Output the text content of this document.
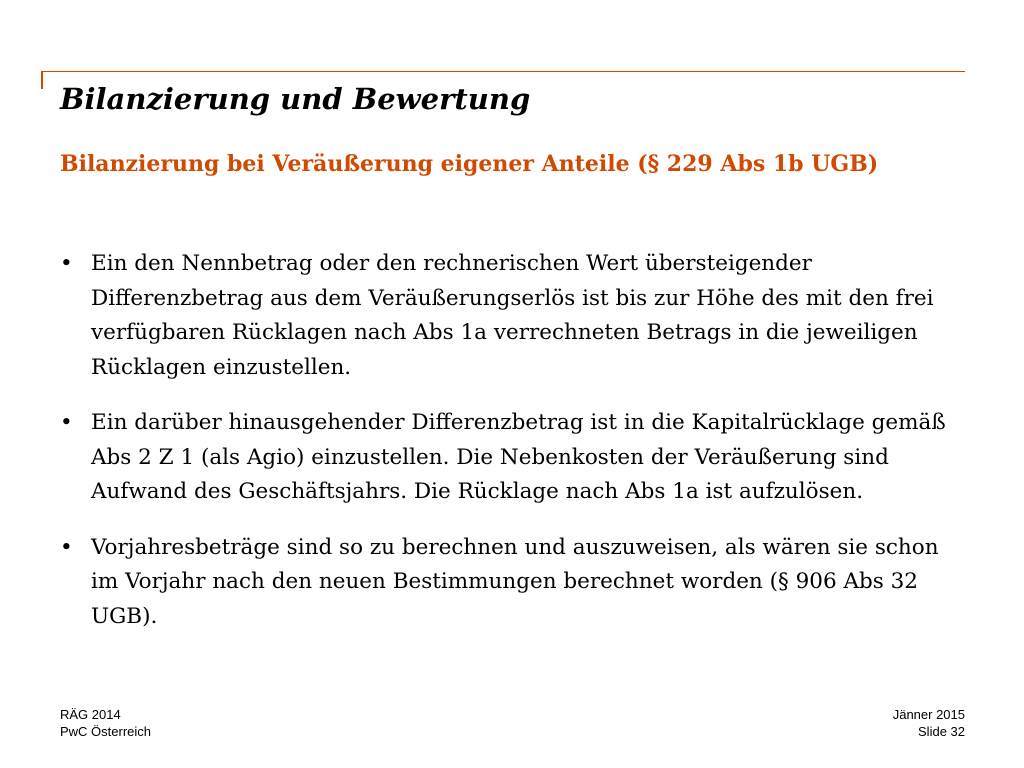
Bilanzierung und Bewertung
Bilanzierung bei Veräußerung eigener Anteile (§ 229 Abs 1b UGB)
• Ein den Nennbetrag oder den rechnerischen Wert übersteigender Differenzbetrag aus dem Veräußerungserlös ist bis zur Höhe des mit den frei verfügbaren Rücklagen nach Abs 1a verrechneten Betrags in die jeweiligen Rücklagen einzustellen.
• Ein darüber hinausgehender Differenzbetrag ist in die Kapitalrücklage gemäß Abs 2 Z 1 (als Agio) einzustellen. Die Nebenkosten der Veräußerung sind Aufwand des Geschäftsjahrs. Die Rücklage nach Abs 1a ist aufzulösen.
• Vorjahresbeträge sind so zu berechnen und auszuweisen, als wären sie schon im Vorjahr nach den neuen Bestimmungen berechnet worden (§ 906 Abs 32 UGB).
RÄG 2014
PwC Österreich
Jänner 2015
Slide 32
